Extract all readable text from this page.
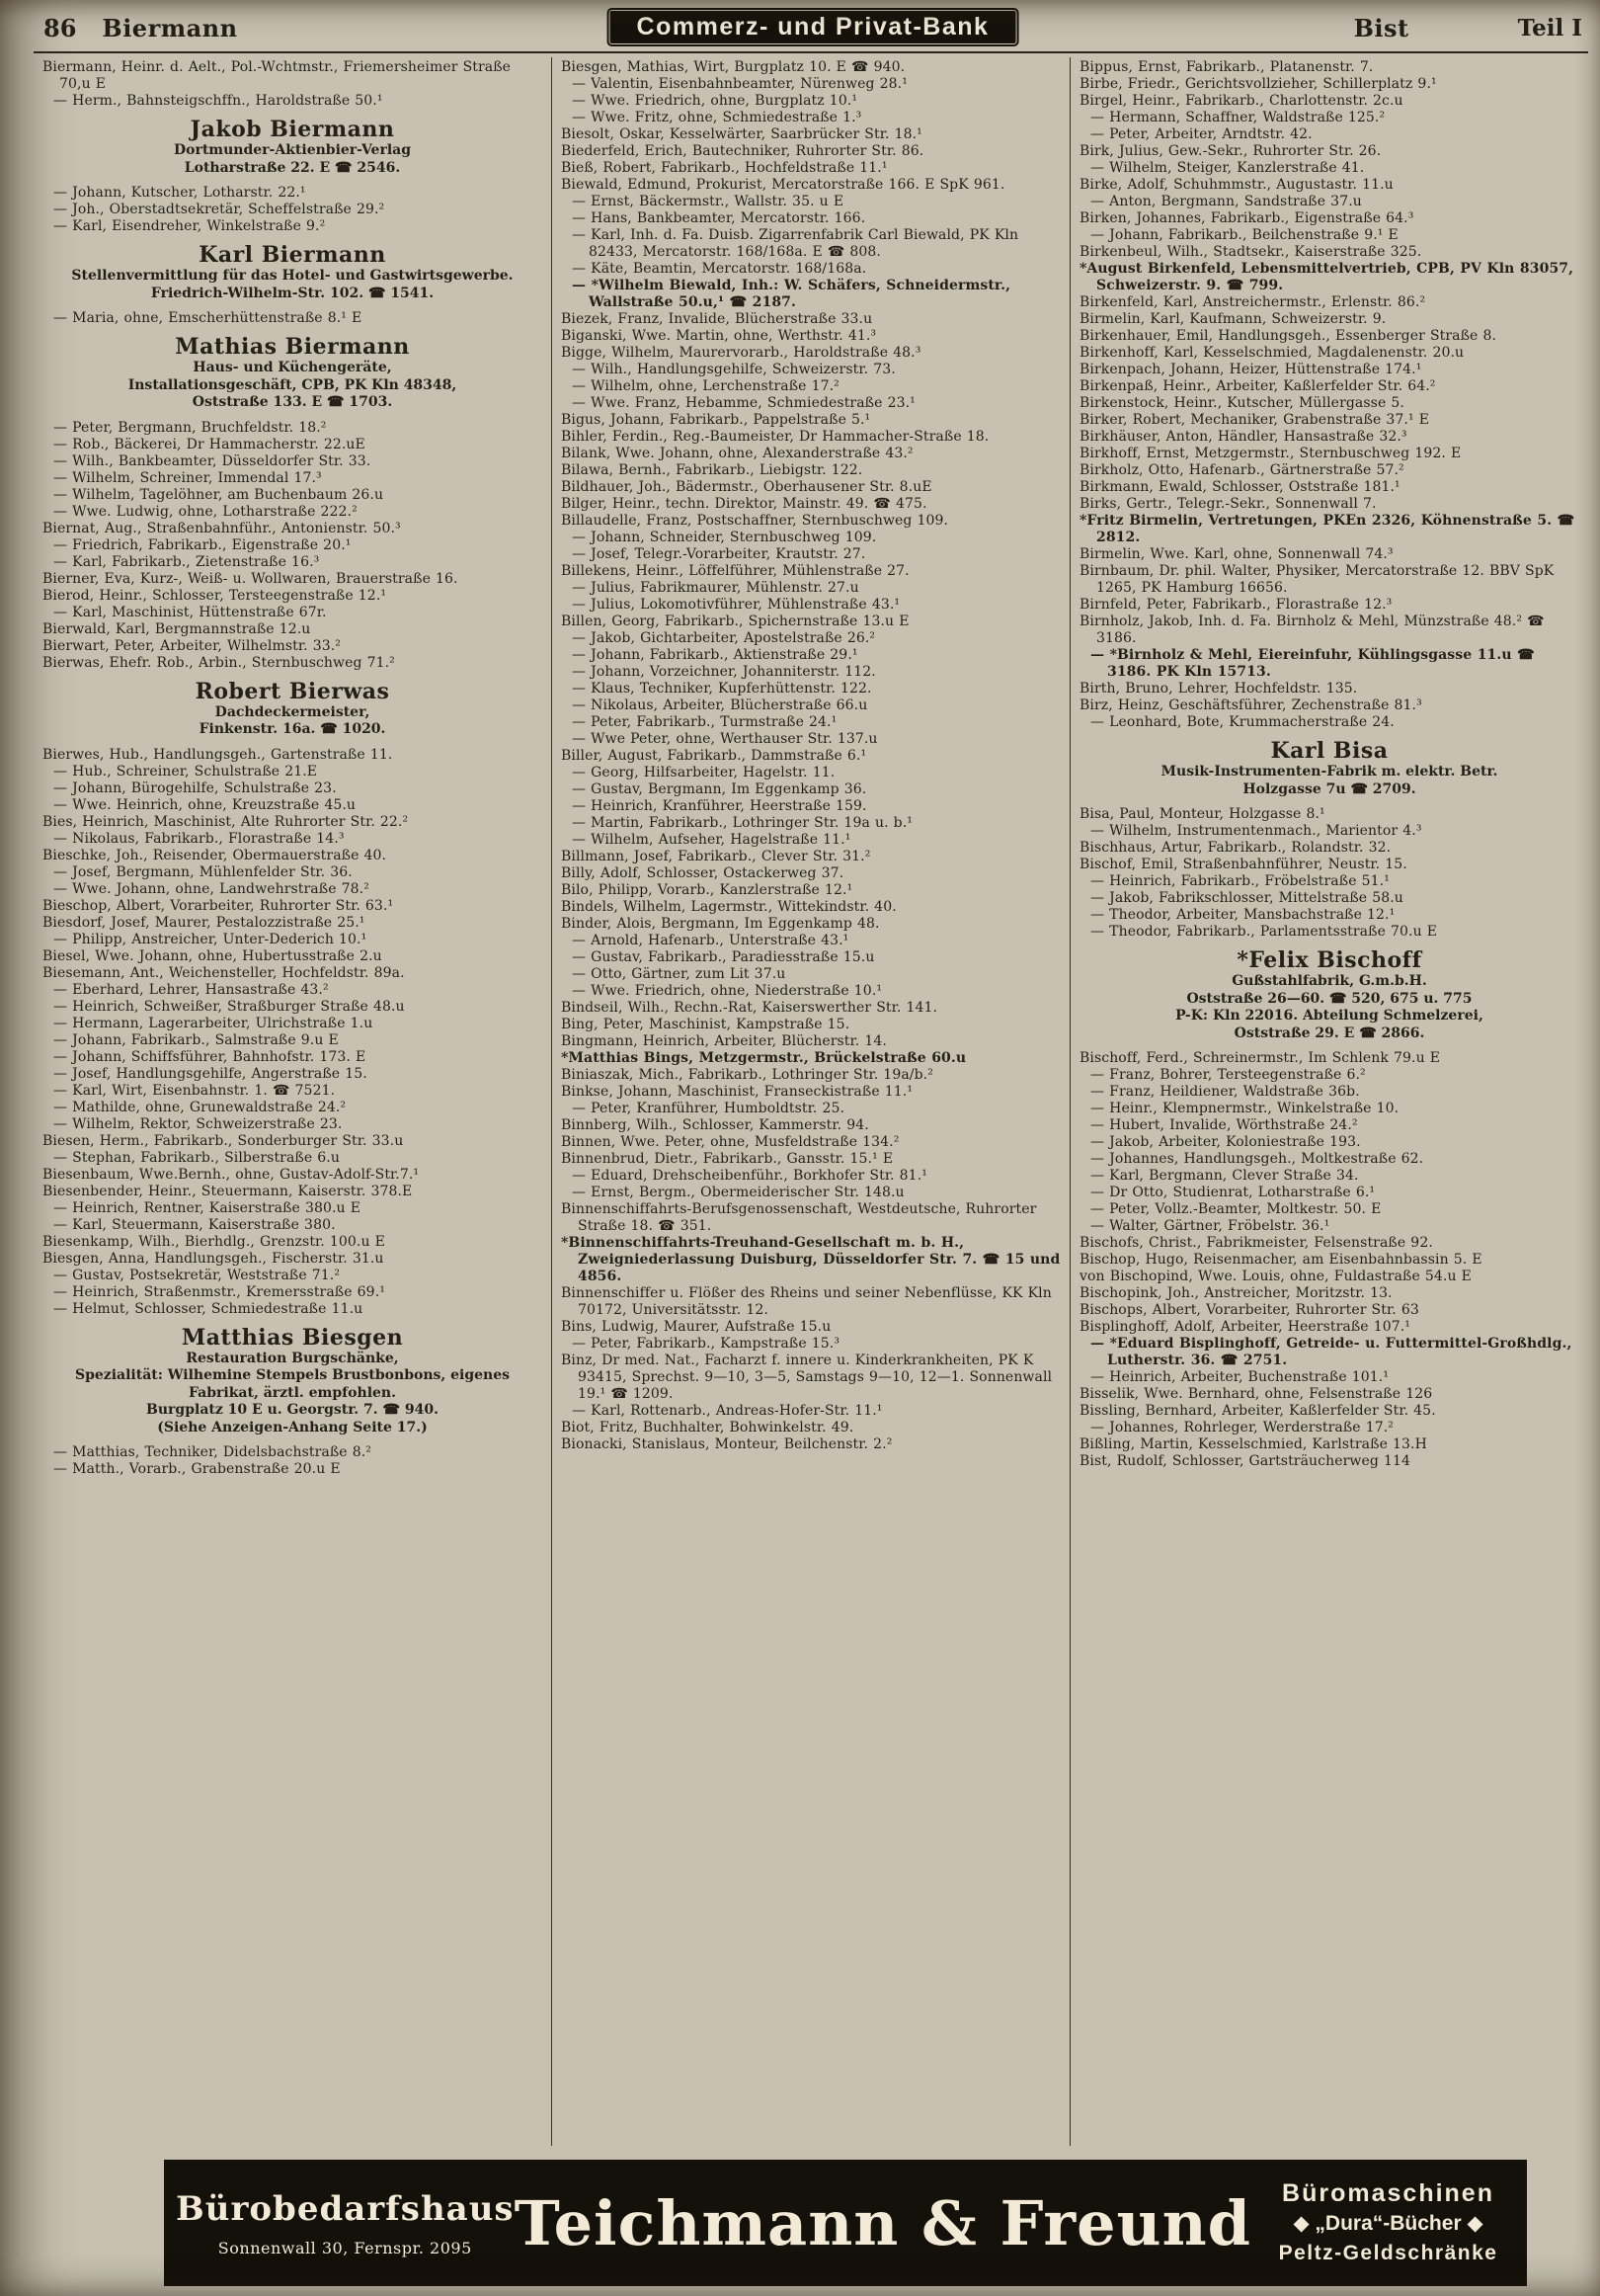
86 Biermann	Commerz- und Privat-Bank	Bist	Teil I
Biermann, Heinr. d. Aelt., Pol.-Wchtmstr., Friemersheimer Straße 70,u E
— Herm., Bahnsteigschffn., Haroldstraße 50.¹
Jakob Biermann
Dortmunder-Aktienbier-Verlag
Lotharstraße 22. E ☎ 2546.
— Johann, Kutscher, Lotharstr. 22.¹
— Joh., Oberstadtsekretär, Scheffelstraße 29.²
— Karl, Eisendreher, Winkelstraße 9.²
Karl Biermann
Stellenvermittlung für das Hotel- und Gastwirtsgewerbe.
Friedrich-Wilhelm-Str. 102. ☎ 1541.
— Maria, ohne, Emscherhüttenstraße 8.¹ E
Mathias Biermann
Haus- und Küchengeräte,
Installationsgeschäft, CPB, PK Kln 48348,
Oststraße 133. E ☎ 1703.
— Peter, Bergmann, Bruchfeldstr. 18.²
— Rob., Bäckerei, Dr Hammacherstr. 22.uE
— Wilh., Bankbeamter, Düsseldorfer Str. 33.
— Wilhelm, Schreiner, Immendal 17.³
— Wilhelm, Tagelöhner, am Buchenbaum 26.u
— Wwe. Ludwig, ohne, Lotharstraße 222.²
Biernat, Aug., Straßenbahnführ., Antonienstr. 50.³
— Friedrich, Fabrikarb., Eigenstraße 20.¹
— Karl, Fabrikarb., Zietenstraße 16.³
Bierner, Eva, Kurz-, Weiß- u. Wollwaren, Brauerstraße 16.
Bierod, Heinr., Schlosser, Tersteegenstraße 12.¹
— Karl, Maschinist, Hüttenstraße 67r.
Bierwald, Karl, Bergmannstraße 12.u
Bierwart, Peter, Arbeiter, Wilhelmstr. 33.²
Bierwas, Ehefr. Rob., Arbin., Sternbuschweg 71.²
Robert Bierwas
Dachdeckermeister,
Finkenstr. 16a. ☎ 1020.
Bierwes, Hub., Handlungsgeh., Gartenstraße 11.
— Hub., Schreiner, Schulstraße 21.E
— Johann, Bürogehilfe, Schulstraße 23.
— Wwe. Heinrich, ohne, Kreuzstraße 45.u
Bies, Heinrich, Maschinist, Alte Ruhrorter Str. 22.²
— Nikolaus, Fabrikarb., Florastraße 14.³
Bieschke, Joh., Reisender, Obermauerstraße 40.
— Josef, Bergmann, Mühlenfelder Str. 36.
— Wwe. Johann, ohne, Landwehrstraße 78.²
Bieschop, Albert, Vorarbeiter, Ruhrorter Str. 63.¹
Biesdorf, Josef, Maurer, Pestalozzistraße 25.¹
— Philipp, Anstreicher, Unter-Dederich 10.¹
Biesel, Wwe. Johann, ohne, Hubertusstraße 2.u
Biesemann, Ant., Weichensteller, Hochfeldstr. 89a.
— Eberhard, Lehrer, Hansastraße 43.²
— Heinrich, Schweißer, Straßburger Straße 48.u
— Hermann, Lagerarbeiter, Ulrichstraße 1.u
— Johann, Fabrikarb., Salmstraße 9.u E
— Johann, Schiffsführer, Bahnhofstr. 173. E
— Josef, Handlungsgehilfe, Angerstraße 15.
— Karl, Wirt, Eisenbahnstr. 1. ☎ 7521.
— Mathilde, ohne, Grunewaldstraße 24.²
— Wilhelm, Rektor, Schweizerstraße 23.
Biesen, Herm., Fabrikarb., Sonderburger Str. 33.u
— Stephan, Fabrikarb., Silberstraße 6.u
Biesenbaum, Wwe.Bernh., ohne, Gustav-Adolf-Str.7.¹
Biesenbender, Heinr., Steuermann, Kaiserstr. 378.E
— Heinrich, Rentner, Kaiserstraße 380.u E
— Karl, Steuermann, Kaiserstraße 380.
Biesenkamp, Wilh., Bierhdlg., Grenzstr. 100.u E
Biesgen, Anna, Handlungsgeh., Fischerstr. 31.u
— Gustav, Postsekretär, Weststraße 71.²
— Heinrich, Straßenmstr., Kremersstraße 69.¹
— Helmut, Schlosser, Schmiedestraße 11.u
Matthias Biesgen
Restauration Burgschänke,
Spezialität: Wilhemine Stempels Brustbonbons, eigenes Fabrikat, ärztl. empfohlen.
Burgplatz 10 E u. Georgstr. 7. ☎ 940.
(Siehe Anzeigen-Anhang Seite 17.)
— Matthias, Techniker, Didelsbachstraße 8.²
— Matth., Vorarb., Grabenstraße 20.u E
Biesgen, Mathias, Wirt, Burgplatz 10. E ☎ 940.
— Valentin, Eisenbahnbeamter, Nürenweg 28.¹
— Wwe. Friedrich, ohne, Burgplatz 10.¹
— Wwe. Fritz, ohne, Schmiedestraße 1.³
Biesolt, Oskar, Kesselwärter, Saarbrücker Str. 18.¹
Biederfeld, Erich, Bautechniker, Ruhrorter Str. 86.
Bieß, Robert, Fabrikarb., Hochfeldstraße 11.¹
Biewald, Edmund, Prokurist, Mercatorstraße 166. E SpK 961.
— Ernst, Bäckermstr., Wallstr. 35. u E
— Hans, Bankbeamter, Mercatorstr. 166.
— Karl, Inh. d. Fa. Duisb. Zigarrenfabrik Carl Biewald, PK Kln 82433, Mercatorstr. 168/168a. E ☎ 808.
— Käte, Beamtin, Mercatorstr. 168/168a.
— *Wilhelm Biewald, Inh.: W. Schäfers, Schneidermstr., Wallstraße 50.u,¹ ☎ 2187.
Biezek, Franz, Invalide, Blücherstraße 33.u
Biganski, Wwe. Martin, ohne, Werthstr. 41.³
Bigge, Wilhelm, Maurervorarb., Haroldstraße 48.³
— Wilh., Handlungsgehilfe, Schweizerstr. 73.
— Wilhelm, ohne, Lerchenstraße 17.²
— Wwe. Franz, Hebamme, Schmiedestraße 23.¹
Bigus, Johann, Fabrikarb., Pappelstraße 5.¹
Bihler, Ferdin., Reg.-Baumeister, Dr Hammacher-Straße 18.
Bilank, Wwe. Johann, ohne, Alexanderstraße 43.²
Bilawa, Bernh., Fabrikarb., Liebigstr. 122.
Bildhauer, Joh., Bädermstr., Oberhausener Str. 8.uE
Bilger, Heinr., techn. Direktor, Mainstr. 49. ☎ 475.
Billaudelle, Franz, Postschaffner, Sternbuschweg 109.
— Johann, Schneider, Sternbuschweg 109.
— Josef, Telegr.-Vorarbeiter, Krautstr. 27.
Billekens, Heinr., Löffelführer, Mühlenstraße 27.
— Julius, Fabrikmaurer, Mühlenstr. 27.u
— Julius, Lokomotivführer, Mühlenstraße 43.¹
Billen, Georg, Fabrikarb., Spichernstraße 13.u E
— Jakob, Gichtarbeiter, Apostelstraße 26.²
— Johann, Fabrikarb., Aktienstraße 29.¹
— Johann, Vorzeichner, Johanniterstr. 112.
— Klaus, Techniker, Kupferhüttenstr. 122.
— Nikolaus, Arbeiter, Blücherstraße 66.u
— Peter, Fabrikarb., Turmstraße 24.¹
— Wwe Peter, ohne, Werthauser Str. 137.u
Biller, August, Fabrikarb., Dammstraße 6.¹
— Georg, Hilfsarbeiter, Hagelstr. 11.
— Gustav, Bergmann, Im Eggenkamp 36.
— Heinrich, Kranführer, Heerstraße 159.
— Martin, Fabrikarb., Lothringer Str. 19a u. b.¹
— Wilhelm, Aufseher, Hagelstraße 11.¹
Billmann, Josef, Fabrikarb., Clever Str. 31.²
Billy, Adolf, Schlosser, Ostackerweg 37.
Bilo, Philipp, Vorarb., Kanzlerstraße 12.¹
Bindels, Wilhelm, Lagermstr., Wittekindstr. 40.
Binder, Alois, Bergmann, Im Eggenkamp 48.
— Arnold, Hafenarb., Unterstraße 43.¹
— Gustav, Fabrikarb., Paradiesstraße 15.u
— Otto, Gärtner, zum Lit 37.u
— Wwe. Friedrich, ohne, Niederstraße 10.¹
Bindseil, Wilh., Rechn.-Rat, Kaiserswerther Str. 141.
Bing, Peter, Maschinist, Kampstraße 15.
Bingmann, Heinrich, Arbeiter, Blücherstr. 14.
*Matthias Bings, Metzgermstr., Brückelstraße 60.u
Biniaszak, Mich., Fabrikarb., Lothringer Str. 19a/b.²
Binkse, Johann, Maschinist, Franseckistraße 11.¹
— Peter, Kranführer, Humboldtstr. 25.
Binnberg, Wilh., Schlosser, Kammerstr. 94.
Binnen, Wwe. Peter, ohne, Musfeldstraße 134.²
Binnenbrud, Dietr., Fabrikarb., Gansstr. 15.¹ E
— Eduard, Drehscheibenführ., Borkhofer Str. 81.¹
— Ernst, Bergm., Obermeiderischer Str. 148.u
Binnenschiffahrts-Berufsgenossenschaft, Westdeutsche, Ruhrorter Straße 18. ☎ 351.
*Binnenschiffahrts-Treuhand-Gesellschaft m. b. H., Zweigniederlassung Duisburg, Düsseldorfer Str. 7. ☎ 15 und 4856.
Binnenschiffer u. Flößer des Rheins und seiner Nebenflüsse, KK Kln 70172, Universitätsstr. 12.
Bins, Ludwig, Maurer, Aufstraße 15.u
— Peter, Fabrikarb., Kampstraße 15.³
Binz, Dr med. Nat., Facharzt f. innere u. Kinderkrankheiten, PK K 93415, Sprechst. 9—10, 3—5, Samstags 9—10, 12—1. Sonnenwall 19.¹ ☎ 1209.
— Karl, Rottenarb., Andreas-Hofer-Str. 11.¹
Biot, Fritz, Buchhalter, Bohwinkelstr. 49.
Bionacki, Stanislaus, Monteur, Beilchenstr. 2.²
Bippus, Ernst, Fabrikarb., Platanenstr. 7.
Birbe, Friedr., Gerichtsvollzieher, Schillerplatz 9.¹
Birgel, Heinr., Fabrikarb., Charlottenstr. 2c.u
— Hermann, Schaffner, Waldstraße 125.²
— Peter, Arbeiter, Arndtstr. 42.
Birk, Julius, Gew.-Sekr., Ruhrorter Str. 26.
— Wilhelm, Steiger, Kanzlerstraße 41.
Birke, Adolf, Schuhmmstr., Augustastr. 11.u
— Anton, Bergmann, Sandstraße 37.u
Birken, Johannes, Fabrikarb., Eigenstraße 64.³
— Johann, Fabrikarb., Beilchenstraße 9.¹ E
Birkenbeul, Wilh., Stadtsekr., Kaiserstraße 325.
*August Birkenfeld, Lebensmittelvertrieb, CPB, PV Kln 83057, Schweizerstr. 9. ☎ 799.
Birkenfeld, Karl, Anstreichermstr., Erlenstr. 86.²
Birmelin, Karl, Kaufmann, Schweizerstr. 9.
Birkenhauer, Emil, Handlungsgeh., Essenberger Straße 8.
Birkenhoff, Karl, Kesselschmied, Magdalenenstr. 20.u
Birkenpach, Johann, Heizer, Hüttenstraße 174.¹
Birkenpaß, Heinr., Arbeiter, Kaßlerfelder Str. 64.²
Birkenstock, Heinr., Kutscher, Müllergasse 5.
Birker, Robert, Mechaniker, Grabenstraße 37.¹ E
Birkhäuser, Anton, Händler, Hansastraße 32.³
Birkhoff, Ernst, Metzgermstr., Sternbuschweg 192. E
Birkholz, Otto, Hafenarb., Gärtnerstraße 57.²
Birkmann, Ewald, Schlosser, Oststraße 181.¹
Birks, Gertr., Telegr.-Sekr., Sonnenwall 7.
*Fritz Birmelin, Vertretungen, PKEn 2326, Köhnenstraße 5. ☎ 2812.
Birmelin, Wwe. Karl, ohne, Sonnenwall 74.³
Birnbaum, Dr. phil. Walter, Physiker, Mercatorstraße 12. BBV SpK 1265, PK Hamburg 16656.
Birnfeld, Peter, Fabrikarb., Florastraße 12.³
Birnholz, Jakob, Inh. d. Fa. Birnholz & Mehl, Münzstraße 48.² ☎ 3186.
— *Birnholz & Mehl, Eiereinfuhr, Kühlingsgasse 11.u ☎ 3186. PK Kln 15713.
Birth, Bruno, Lehrer, Hochfeldstr. 135.
Birz, Heinz, Geschäftsführer, Zechenstraße 81.³
— Leonhard, Bote, Krummacherstraße 24.
Karl Bisa
Musik-Instrumenten-Fabrik m. elektr. Betr.
Holzgasse 7u ☎ 2709.
Bisa, Paul, Monteur, Holzgasse 8.¹
— Wilhelm, Instrumentenmach., Marientor 4.³
Bischhaus, Artur, Fabrikarb., Rolandstr. 32.
Bischof, Emil, Straßenbahnführer, Neustr. 15.
— Heinrich, Fabrikarb., Fröbelstraße 51.¹
— Jakob, Fabrikschlosser, Mittelstraße 58.u
— Theodor, Arbeiter, Mansbachstraße 12.¹
— Theodor, Fabrikarb., Parlamentsstraße 70.u E
*Felix Bischoff
Gußstahlfabrik, G.m.b.H.
Oststraße 26—60. ☎ 520, 675 u. 775
P-K: Kln 22016. Abteilung Schmelzerei,
Oststraße 29. E ☎ 2866.
Bischoff, Ferd., Schreinermstr., Im Schlenk 79.u E
— Franz, Bohrer, Tersteegenstraße 6.²
— Franz, Heildiener, Waldstraße 36b.
— Heinr., Klempnermstr., Winkelstraße 10.
— Hubert, Invalide, Wörthstraße 24.²
— Jakob, Arbeiter, Koloniestraße 193.
— Johannes, Handlungsgeh., Moltkestraße 62.
— Karl, Bergmann, Clever Straße 34.
— Dr Otto, Studienrat, Lotharstraße 6.¹
— Peter, Vollz.-Beamter, Moltkestr. 50. E
— Walter, Gärtner, Fröbelstr. 36.¹
Bischofs, Christ., Fabrikmeister, Felsenstraße 92.
Bischop, Hugo, Reisenmacher, am Eisenbahnbassin 5. E
von Bischopind, Wwe. Louis, ohne, Fuldastraße 54.u E
Bischopink, Joh., Anstreicher, Moritzstr. 13.
Bischops, Albert, Vorarbeiter, Ruhrorter Str. 63
Bisplinghoff, Adolf, Arbeiter, Heerstraße 107.¹
— *Eduard Bisplinghoff, Getreide- u. Futtermittel-Großhdlg., Lutherstr. 36. ☎ 2751.
— Heinrich, Arbeiter, Buchenstraße 101.¹
Bisselik, Wwe. Bernhard, ohne, Felsenstraße 126
Bissling, Bernhard, Arbeiter, Kaßlerfelder Str. 45.
— Johannes, Rohrleger, Werderstraße 17.²
Bißling, Martin, Kesselschmied, Karlstraße 13.H
Bist, Rudolf, Schlosser, Gartsträucherweg 114
Bürobedarfshaus
Sonnenwall 30, Fernspr. 2095 Teichmann & Freund	Büromaschinen
◆ „Dura“-Bücher ◆
Peltz-Geldschränke
